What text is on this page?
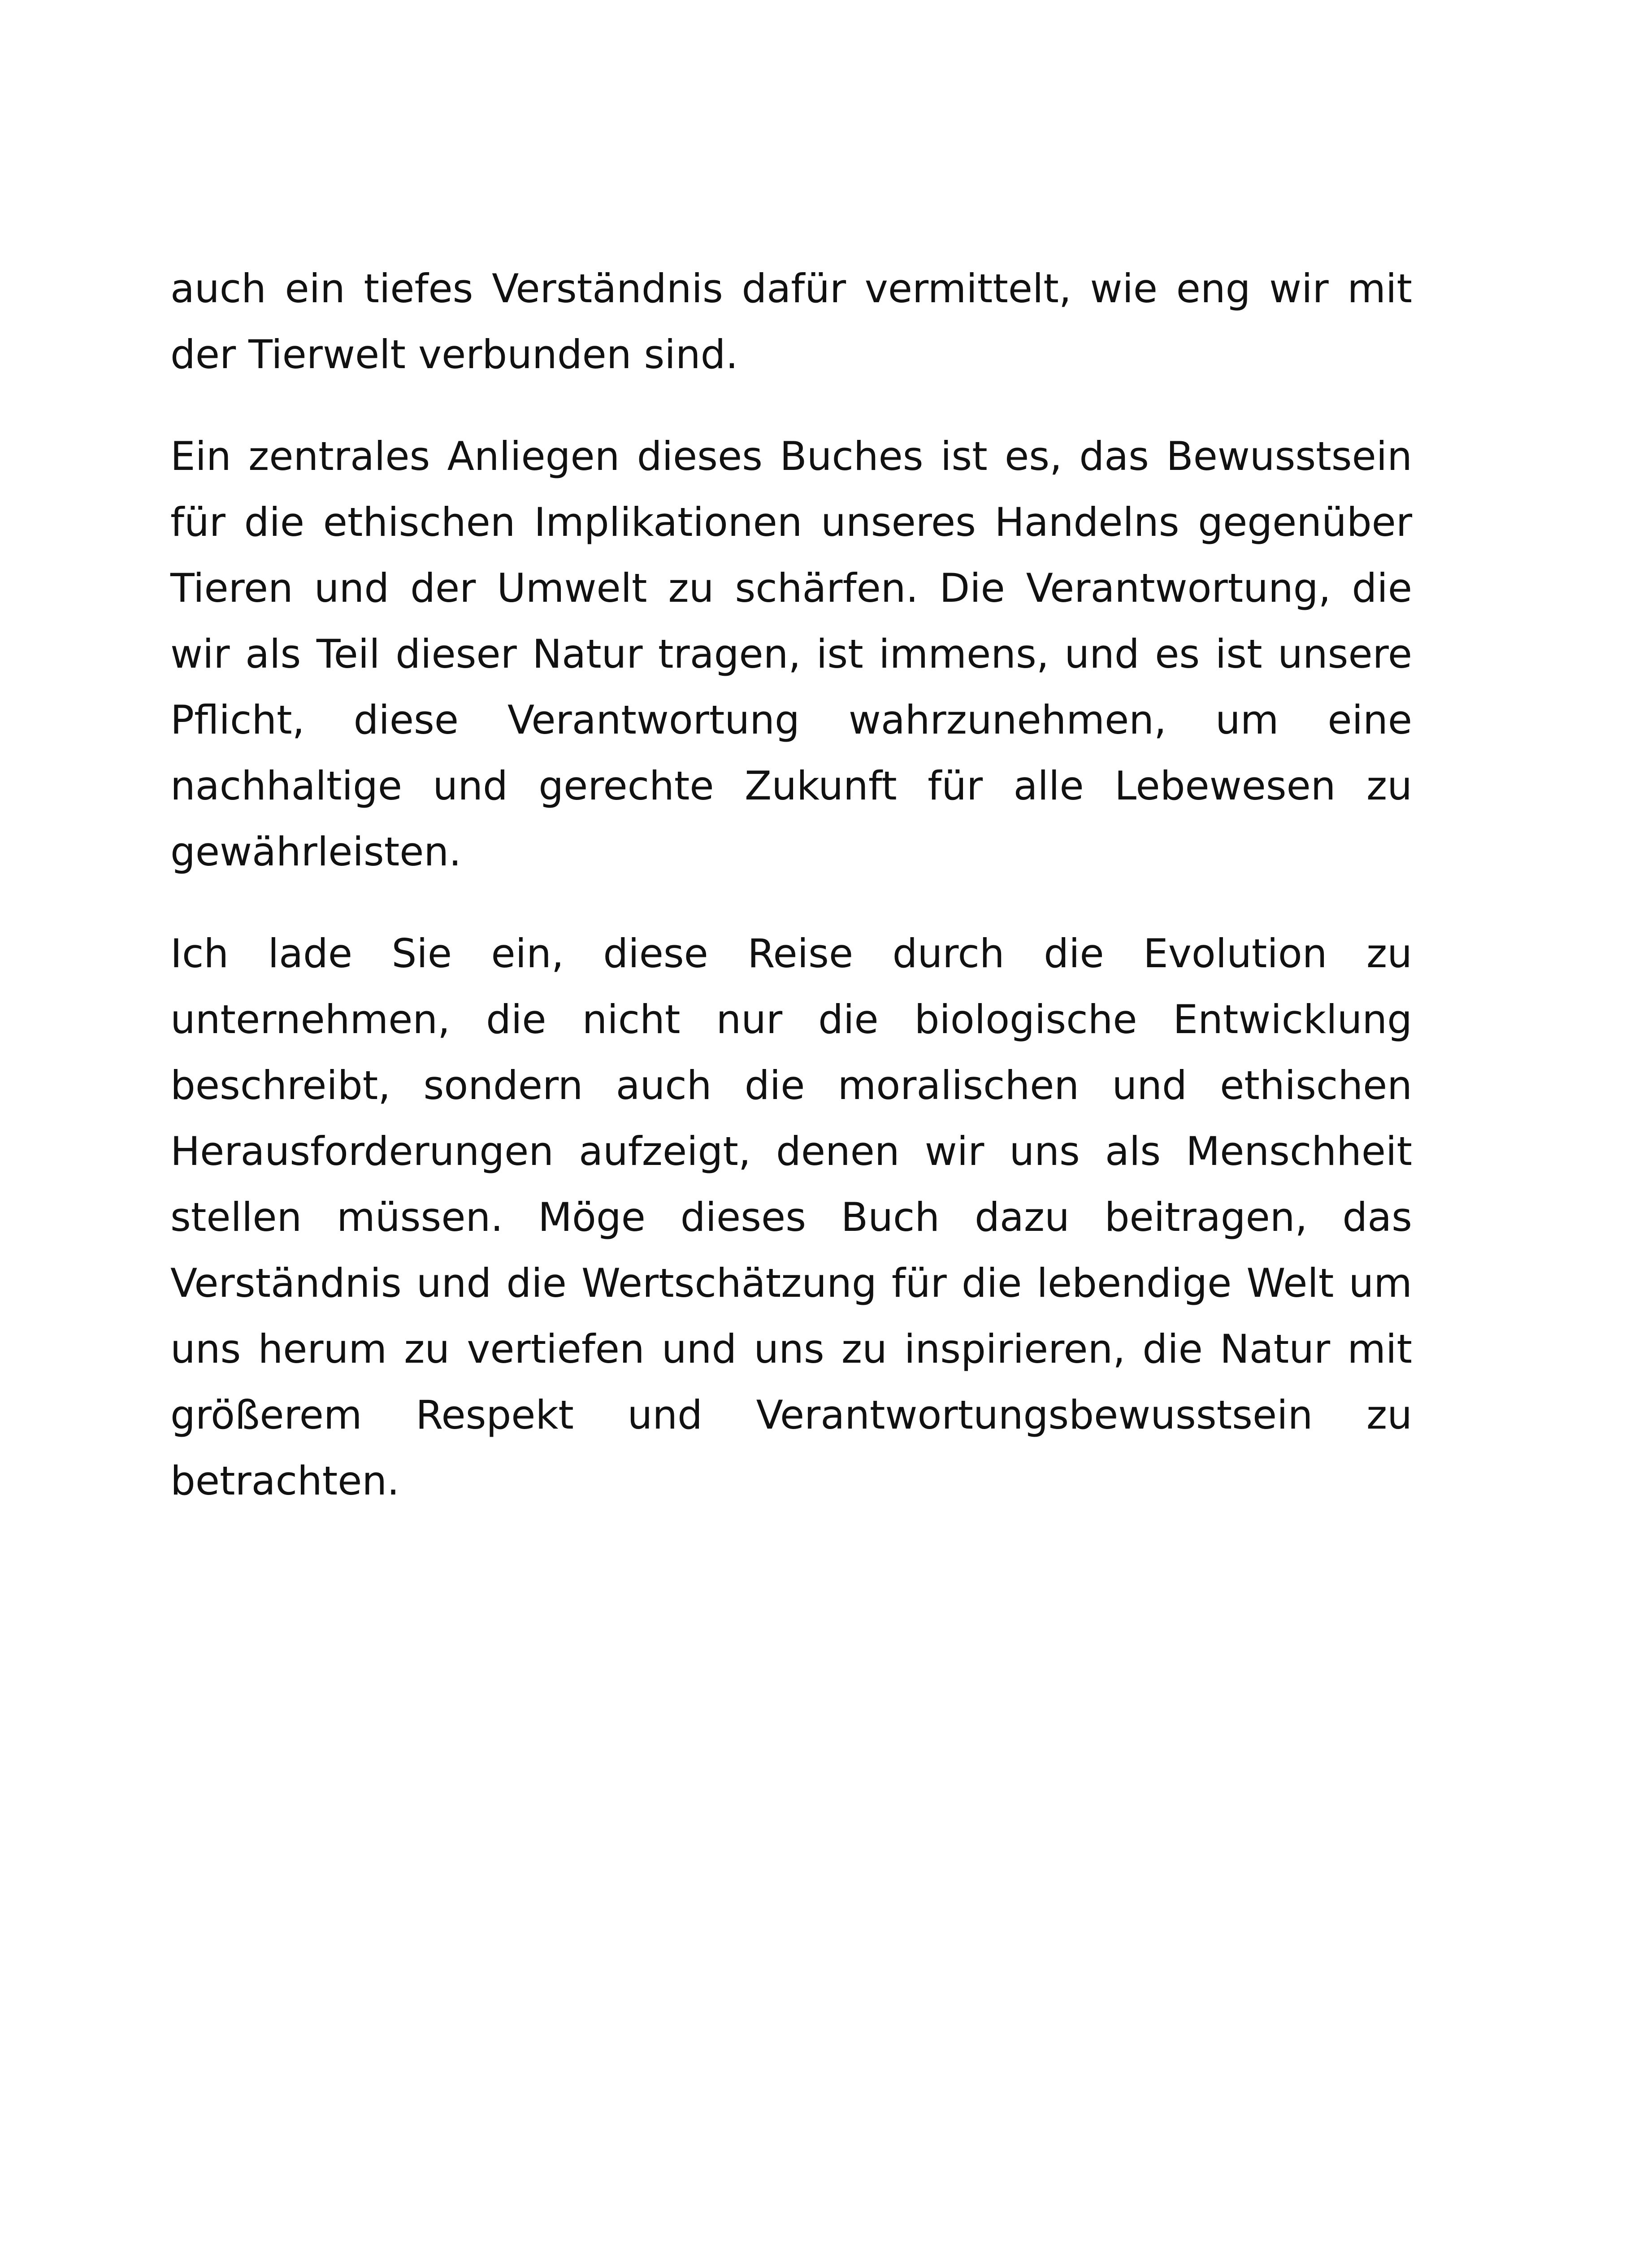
auch ein tiefes Verständnis dafür vermittelt, wie eng wir mit der Tierwelt verbunden sind.

Ein zentrales Anliegen dieses Buches ist es, das Bewusstsein für die ethischen Implikationen unseres Handelns gegenüber Tieren und der Umwelt zu schärfen. Die Verantwortung, die wir als Teil dieser Natur tragen, ist immens, und es ist unsere Pflicht, diese Verantwortung wahrzunehmen, um eine nachhaltige und gerechte Zukunft für alle Lebewesen zu gewährleisten.

Ich lade Sie ein, diese Reise durch die Evolution zu unternehmen, die nicht nur die biologische Entwicklung beschreibt, sondern auch die moralischen und ethischen Herausforderungen aufzeigt, denen wir uns als Menschheit stellen müssen. Möge dieses Buch dazu beitragen, das Verständnis und die Wertschätzung für die lebendige Welt um uns herum zu vertiefen und uns zu inspirieren, die Natur mit größerem Respekt und Verantwortungsbewusstsein zu betrachten.
